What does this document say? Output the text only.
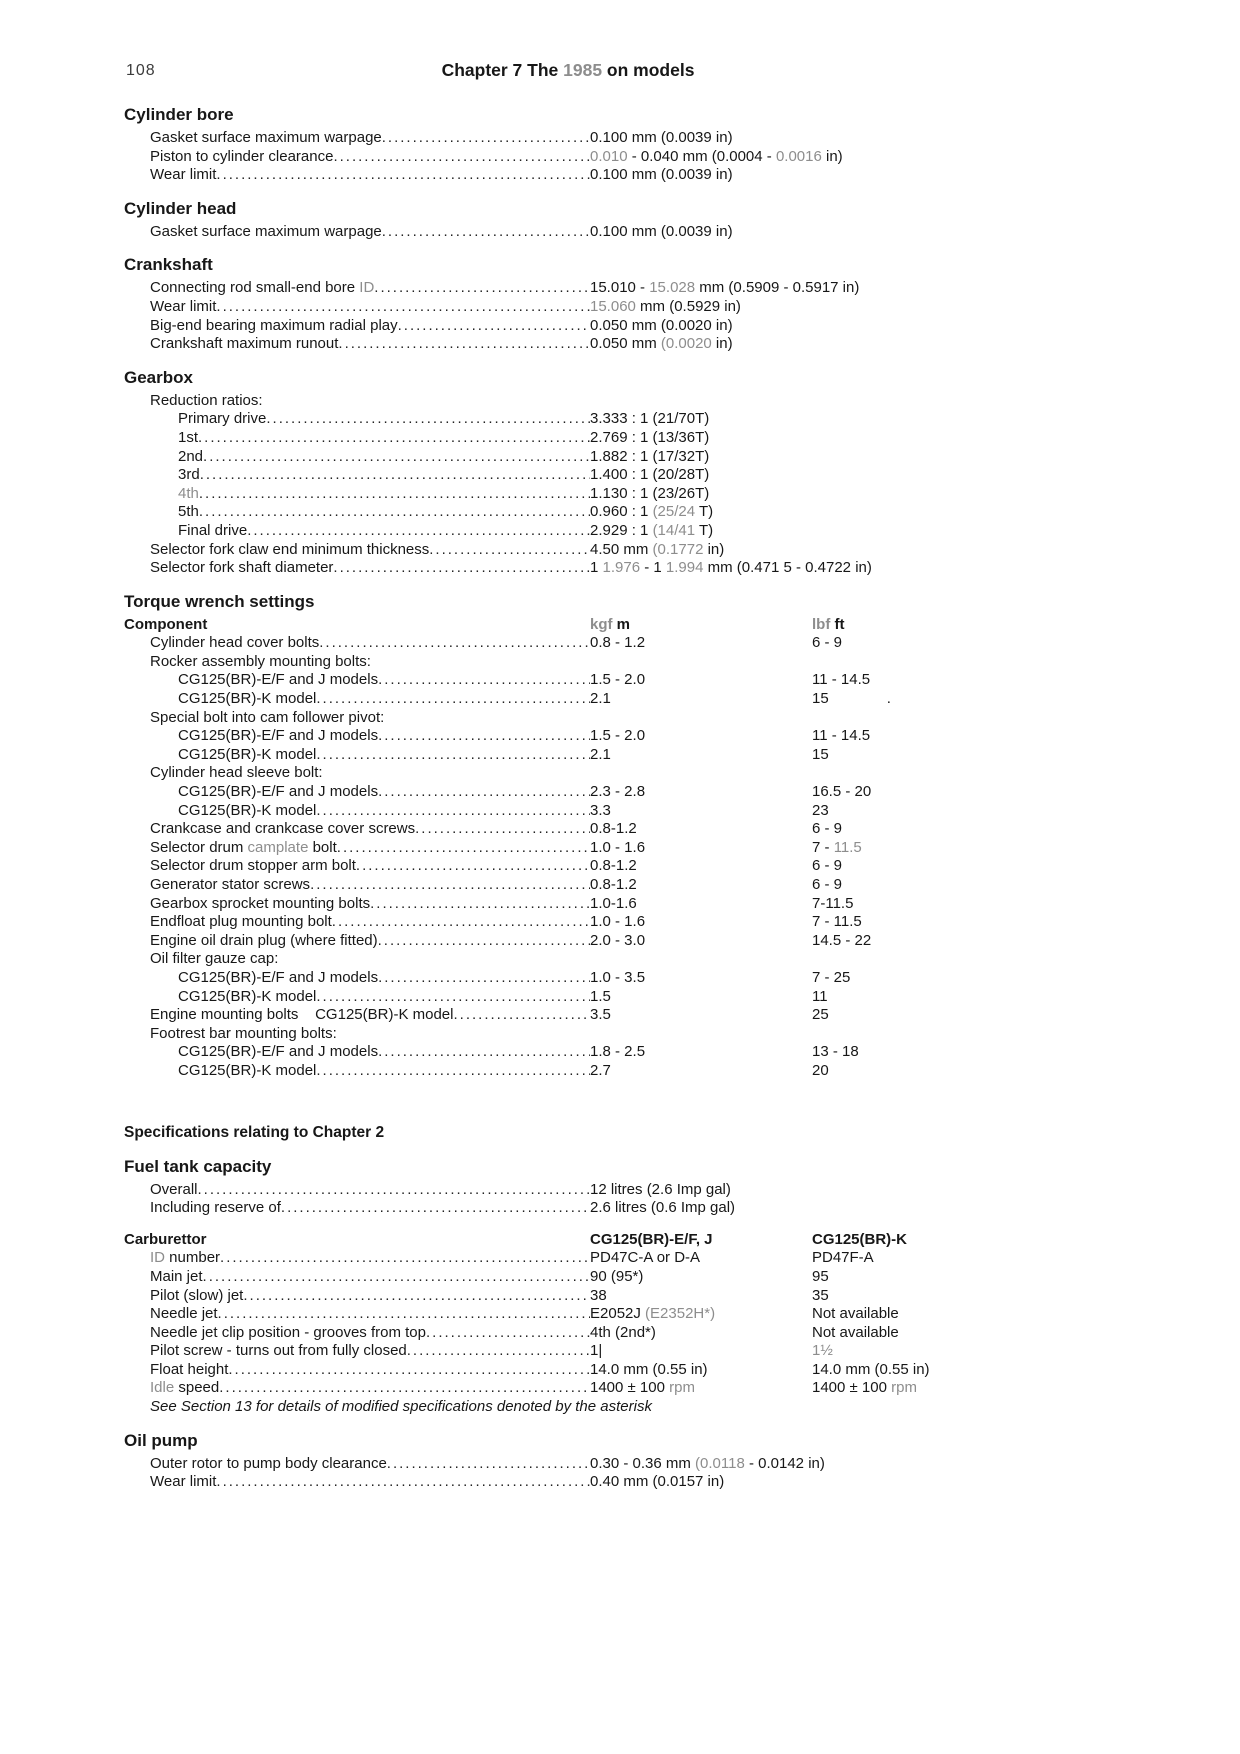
108	Chapter 7 The 1985 on models
Cylinder bore
Gasket surface maximum warpage .....	0.100 mm (0.0039 in)
Piston to cylinder clearance .....	0.010 - 0.040 mm (0.0004 - 0.0016 in)
Wear limit .....	0.100 mm (0.0039 in)
Cylinder head
Gasket surface maximum warpage .....	0.100 mm (0.0039 in)
Crankshaft
Connecting rod small-end bore ID .....	15.010 - 15.028 mm (0.5909 - 0.5917 in)
Wear limit .....	15.060 mm (0.5929 in)
Big-end bearing maximum radial play .....	0.050 mm (0.0020 in)
Crankshaft maximum runout .....	0.050 mm (0.0020 in)
Gearbox
Reduction ratios:
Primary drive .....	3.333 : 1 (21/70T)
1st .....	2.769 : 1 (13/36T)
2nd .....	1.882 : 1 (17/32T)
3rd .....	1.400 : 1 (20/28T)
4th .....	1.130 : 1 (23/26T)
5th .....	0.960 : 1 (25/24 T)
Final drive .....	2.929 : 1 (14/41 T)
Selector fork claw end minimum thickness .....	4.50 mm (0.1772 in)
Selector fork shaft diameter .....	1 1.976 - 1 1.994 mm (0.471 5 - 0.4722 in)
Torque wrench settings
Component	kgf m	lbf ft
Cylinder head cover bolts .....	0.8 - 1.2	6 - 9
Rocker assembly mounting bolts:
CG125(BR)-E/F and J models .....	1.5 - 2.0	11 - 14.5
CG125(BR)-K model .....	2.1	15	.
Special bolt into cam follower pivot:
CG125(BR)-E/F and J models .....	1.5 - 2.0	11 - 14.5
CG125(BR)-K model .....	2.1	15
Cylinder head sleeve bolt:
CG125(BR)-E/F and J models .....	2.3 - 2.8	16.5 - 20
CG125(BR)-K model .....	3.3	23
Crankcase and crankcase cover screws .....	0.8-1.2	6 - 9
Selector drum camplate bolt .....	1.0 - 1.6	7 - 11.5
Selector drum stopper arm bolt .....	0.8-1.2	6 - 9
Generator stator screws .....	0.8-1.2	6 - 9
Gearbox sprocket mounting bolts .....	1.0-1.6	7-11.5
Endfloat plug mounting bolt .....	1.0 - 1.6	7 - 11.5
Engine oil drain plug (where fitted) .....	2.0 - 3.0	14.5 - 22
Oil filter gauze cap:
CG125(BR)-E/F and J models .....	1.0 - 3.5	7 - 25
CG125(BR)-K model .....	1.5	11
Engine mounting bolts    CG125(BR)-K model .....	3.5	25
Footrest bar mounting bolts:
CG125(BR)-E/F and J models .....	1.8 - 2.5	13 - 18
CG125(BR)-K model .....	2.7	20
Specifications relating to Chapter 2
Fuel tank capacity
Overall .....	12 litres (2.6 Imp gal)
Including reserve of .....	2.6 litres (0.6 Imp gal)
Carburettor	CG125(BR)-E/F, J	CG125(BR)-K
ID number .....	PD47C-A or D-A	PD47F-A
Main jet .....	90 (95*)	95
Pilot (slow) jet .....	38	35
Needle jet .....	E2052J (E2352H*)	Not available
Needle jet clip position - grooves from top .....	4th (2nd*)	Not available
Pilot screw - turns out from fully closed .....	1|	1½
Float height .....	14.0 mm (0.55 in)	14.0 mm (0.55 in)
Idle speed .....	1400 ± 100 rpm	1400 ± 100 rpm
See Section 13 for details of modified specifications denoted by the asterisk
Oil pump
Outer rotor to pump body clearance .....	0.30 - 0.36 mm (0.0118 - 0.0142 in)
Wear limit .....	0.40 mm (0.0157 in)
